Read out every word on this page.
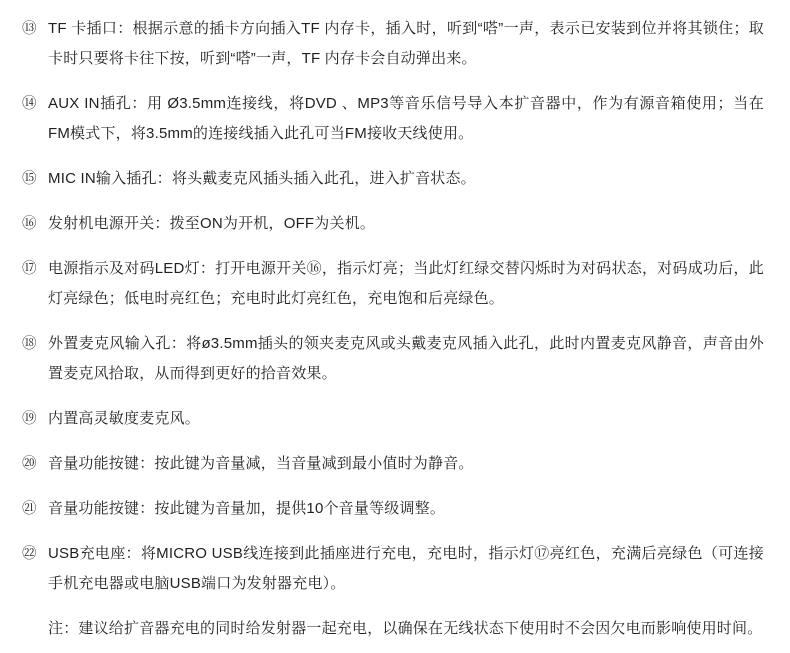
⑬ TF 卡插口：根据示意的插卡方向插入TF 内存卡，插入时，听到“嗒”一声，表示已安装到位并将其锁住；取卡时只要将卡往下按，听到“嗒”一声，TF 内存卡会自动弹出来。
⑭ AUX IN插孔：用 Ø3.5mm连接线，将DVD 、MP3等音乐信号导入本扩音器中，作为有源音箱使用；当在FM模式下，将3.5mm的连接线插入此孔可当FM接收天线使用。
⑮ MIC IN输入插孔：将头戴麦克风插头插入此孔，进入扩音状态。
⑯ 发射机电源开关：拨至ON为开机，OFF为关机。
⑰ 电源指示及对码LED灯：打开电源开关⑯，指示灯亮；当此灯红绿交替闪烁时为对码状态，对码成功后，此灯亮绿色；低电时亮红色；充电时此灯亮红色，充电饱和后亮绿色。
⑱ 外置麦克风输入孔：将ø3.5mm插头的领夹麦克风或头戴麦克风插入此孔，此时内置麦克风静音，声音由外置麦克风拾取，从而得到更好的拾音效果。
⑲ 内置高灵敏度麦克风。
⑳ 音量功能按键：按此键为音量减，当音量减到最小值时为静音。
㉑ 音量功能按键：按此键为音量加，提供10个音量等级调整。
㉒ USB充电座：将MICRO USB线连接到此插座进行充电，充电时，指示灯⑰亮红色，充满后亮绿色（可连接手机充电器或电脑USB端口为发射器充电）。
注：建议给扩音器充电的同时给发射器一起充电，以确保在无线状态下使用时不会因欠电而影响使用时间。
